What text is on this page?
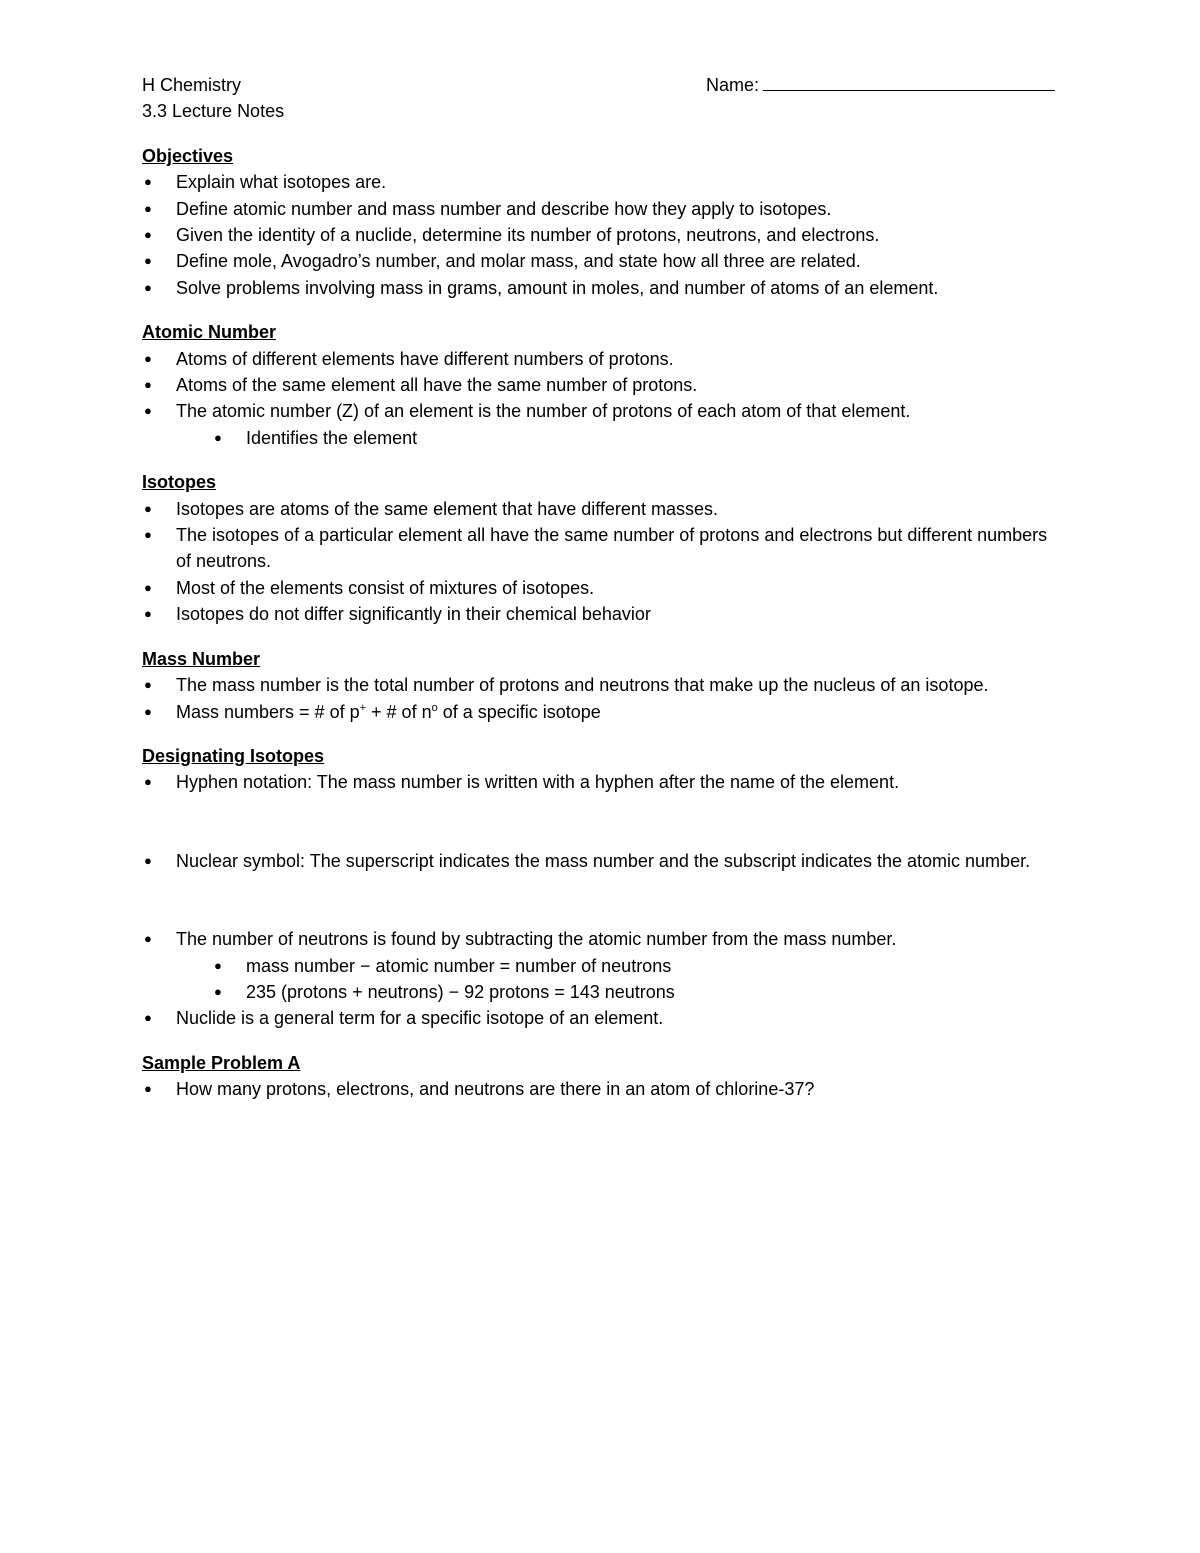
H Chemistry	Name:
3.3 Lecture Notes
Objectives
● Explain what isotopes are.
● Define atomic number and mass number and describe how they apply to isotopes.
● Given the identity of a nuclide, determine its number of protons, neutrons, and electrons.
● Define mole, Avogadro’s number, and molar mass, and state how all three are related.
● Solve problems involving mass in grams, amount in moles, and number of atoms of an element.
Atomic Number
● Atoms of different elements have different numbers of protons.
● Atoms of the same element all have the same number of protons.
● The atomic number (Z) of an element is the number of protons of each atom of that element.
● Identifies the element
Isotopes
● Isotopes are atoms of the same element that have different masses.
● The isotopes of a particular element all have the same number of protons and electrons but different numbers of neutrons.
● Most of the elements consist of mixtures of isotopes.
● Isotopes do not differ significantly in their chemical behavior
Mass Number
● The mass number is the total number of protons and neutrons that make up the nucleus of an isotope.
● Mass numbers = # of p+ + # of $n^o$ of a specific isotope
Designating Isotopes
● Hyphen notation: The mass number is written with a hyphen after the name of the element.
● Nuclear symbol: The superscript indicates the mass number and the subscript indicates the atomic number.
● The number of neutrons is found by subtracting the atomic number from the mass number.
● mass number − atomic number = number of neutrons
● 235 (protons + neutrons) − 92 protons = 143 neutrons
● Nuclide is a general term for a specific isotope of an element.
Sample Problem A
● How many protons, electrons, and neutrons are there in an atom of chlorine-37?
